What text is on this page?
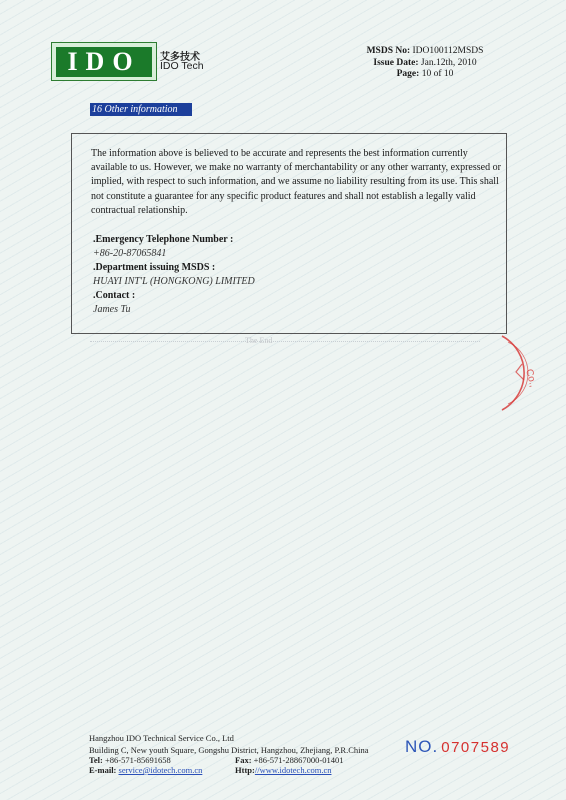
IDO	艾多技术
IDO Tech
MSDS No: IDO100112MSDS
Issue Date: Jan.12th, 2010
Page: 10 of 10
16 Other information
The information above is believed to be accurate and represents the best information currently available to us. However, we make no warranty of merchantability or any other warranty, expressed or implied, with respect to such information, and we assume no liability resulting from its use. This shall not constitute a guarantee for any specific product features and shall not establish a legally valid contractual relationship.
.Emergency Telephone Number :
+86-20-87065841
.Department issuing MSDS :
HUAYI INT'L (HONGKONG) LIMITED
.Contact :
James Tu
The End
Co.,
Hangzhou IDO Technical Service Co., Ltd
Building C, New youth Square, Gongshu District, Hangzhou, Zhejiang, P.R.China
Tel: +86-571-85691658	Fax: +86-571-28867000-01401
E-mail: service@idotech.com.cn	Http://www.idotech.com.cn
NO. 0707589
